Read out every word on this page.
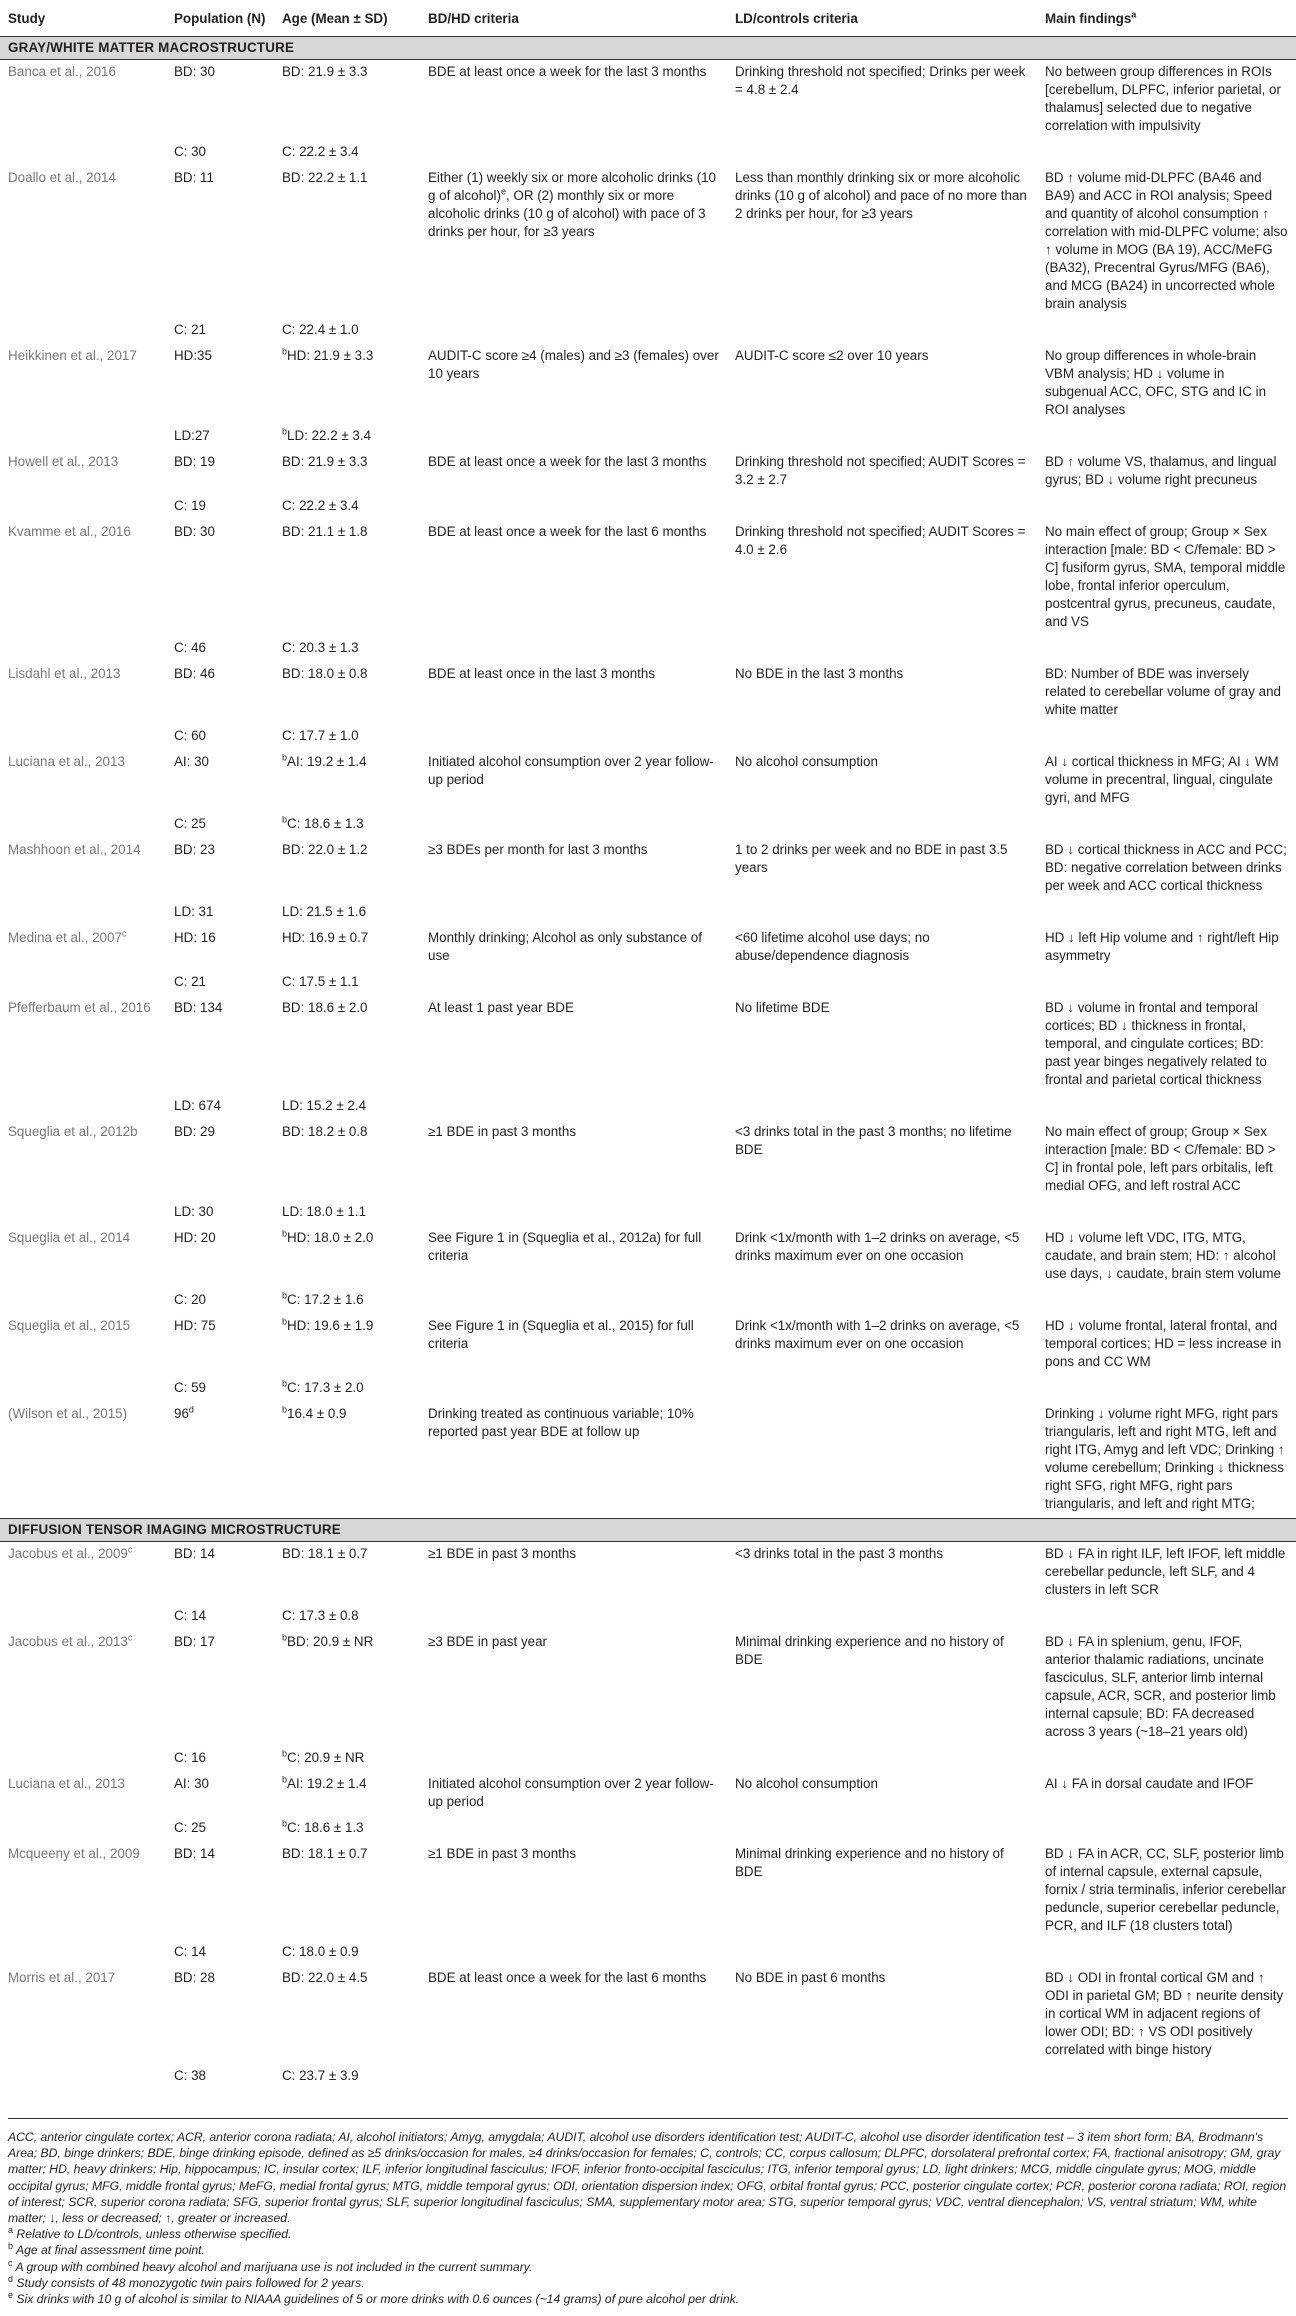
Study	Population (N)	Age (Mean ± SD)	BD/HD criteria	LD/controls criteria	Main findings$^a$
GRAY/WHITE MATTER MACROSTRUCTURE					
Banca et al., 2016	BD: 30	BD: 21.9 ± 3.3	BDE at least once a week for the last 3 months	Drinking threshold not specified; Drinks per week = 4.8 ± 2.4	No between group differences in ROIs [cerebellum, DLPFC, inferior parietal, or thalamus] selected due to negative correlation with impulsivity
	C: 30	C: 22.2 ± 3.4			
Doallo et al., 2014	BD: 11	BD: 22.2 ± 1.1	Either (1) weekly six or more alcoholic drinks (10 g of alcohol)$^e$, OR (2) monthly six or more alcoholic drinks (10 g of alcohol) with pace of 3 drinks per hour, for ≥3 years	Less than monthly drinking six or more alcoholic drinks (10 g of alcohol) and pace of no more than 2 drinks per hour, for ≥3 years	BD ↑ volume mid-DLPFC (BA46 and BA9) and ACC in ROI analysis; Speed and quantity of alcohol consumption ↑ correlation with mid-DLPFC volume; also ↑ volume in MOG (BA 19), ACC/MeFG (BA32), Precentral Gyrus/MFG (BA6), and MCG (BA24) in uncorrected whole brain analysis
	C: 21	C: 22.4 ± 1.0			
Heikkinen et al., 2017	HD:35	$^b$HD: 21.9 ± 3.3	AUDIT-C score ≥4 (males) and ≥3 (females) over 10 years	AUDIT-C score ≤2 over 10 years	No group differences in whole-brain VBM analysis; HD ↓ volume in subgenual ACC, OFC, STG and IC in ROI analyses
	LD:27	$^b$LD: 22.2 ± 3.4			
Howell et al., 2013	BD: 19	BD: 21.9 ± 3.3	BDE at least once a week for the last 3 months	Drinking threshold not specified; AUDIT Scores = 3.2 ± 2.7	BD ↑ volume VS, thalamus, and lingual gyrus; BD ↓ volume right precuneus
	C: 19	C: 22.2 ± 3.4			
Kvamme et al., 2016	BD: 30	BD: 21.1 ± 1.8	BDE at least once a week for the last 6 months	Drinking threshold not specified; AUDIT Scores = 4.0 ± 2.6	No main effect of group; Group × Sex interaction [male: BD < C/female: BD > C] fusiform gyrus, SMA, temporal middle lobe, frontal inferior operculum, postcentral gyrus, precuneus, caudate, and VS
	C: 46	C: 20.3 ± 1.3			
Lisdahl et al., 2013	BD: 46	BD: 18.0 ± 0.8	BDE at least once in the last 3 months	No BDE in the last 3 months	BD: Number of BDE was inversely related to cerebellar volume of gray and white matter
	C: 60	C: 17.7 ± 1.0			
Luciana et al., 2013	AI: 30	$^b$AI: 19.2 ± 1.4	Initiated alcohol consumption over 2 year follow-up period	No alcohol consumption	AI ↓ cortical thickness in MFG; AI ↓ WM volume in precentral, lingual, cingulate gyri, and MFG
	C: 25	$^b$C: 18.6 ± 1.3			
Mashhoon et al., 2014	BD: 23	BD: 22.0 ± 1.2	≥3 BDEs per month for last 3 months	1 to 2 drinks per week and no BDE in past 3.5 years	BD ↓ cortical thickness in ACC and PCC; BD: negative correlation between drinks per week and ACC cortical thickness
	LD: 31	LD: 21.5 ± 1.6			
Medina et al., 2007$^c$	HD: 16	HD: 16.9 ± 0.7	Monthly drinking; Alcohol as only substance of use	<60 lifetime alcohol use days; no abuse/dependence diagnosis	HD ↓ left Hip volume and ↑ right/left Hip asymmetry
	C: 21	C: 17.5 ± 1.1			
Pfefferbaum et al., 2016	BD: 134	BD: 18.6 ± 2.0	At least 1 past year BDE	No lifetime BDE	BD ↓ volume in frontal and temporal cortices; BD ↓ thickness in frontal, temporal, and cingulate cortices; BD: past year binges negatively related to frontal and parietal cortical thickness
	LD: 674	LD: 15.2 ± 2.4			
Squeglia et al., 2012b	BD: 29	BD: 18.2 ± 0.8	≥1 BDE in past 3 months	<3 drinks total in the past 3 months; no lifetime BDE	No main effect of group; Group × Sex interaction [male: BD < C/female: BD > C] in frontal pole, left pars orbitalis, left medial OFG, and left rostral ACC
	LD: 30	LD: 18.0 ± 1.1			
Squeglia et al., 2014	HD: 20	$^b$HD: 18.0 ± 2.0	See Figure 1 in (Squeglia et al., 2012a) for full criteria	Drink <1x/month with 1–2 drinks on average, <5 drinks maximum ever on one occasion	HD ↓ volume left VDC, ITG, MTG, caudate, and brain stem; HD: ↑ alcohol use days, ↓ caudate, brain stem volume
	C: 20	$^b$C: 17.2 ± 1.6			
Squeglia et al., 2015	HD: 75	$^b$HD: 19.6 ± 1.9	See Figure 1 in (Squeglia et al., 2015) for full criteria	Drink <1x/month with 1–2 drinks on average, <5 drinks maximum ever on one occasion	HD ↓ volume frontal, lateral frontal, and temporal cortices; HD = less increase in pons and CC WM
	C: 59	$^b$C: 17.3 ± 2.0			
(Wilson et al., 2015)	96$^d$	$^b$16.4 ± 0.9	Drinking treated as continuous variable; 10% reported past year BDE at follow up		Drinking ↓ volume right MFG, right pars triangularis, left and right MTG, left and right ITG, Amyg and left VDC; Drinking ↑ volume cerebellum; Drinking ↓ thickness right SFG, right MFG, right pars triangularis, and left and right MTG;
DIFFUSION TENSOR IMAGING MICROSTRUCTURE					
Jacobus et al., 2009$^c$	BD: 14	BD: 18.1 ± 0.7	≥1 BDE in past 3 months	<3 drinks total in the past 3 months	BD ↓ FA in right ILF, left IFOF, left middle cerebellar peduncle, left SLF, and 4 clusters in left SCR
	C: 14	C: 17.3 ± 0.8			
Jacobus et al., 2013$^c$	BD: 17	$^b$BD: 20.9 ± NR	≥3 BDE in past year	Minimal drinking experience and no history of BDE	BD ↓ FA in splenium, genu, IFOF, anterior thalamic radiations, uncinate fasciculus, SLF, anterior limb internal capsule, ACR, SCR, and posterior limb internal capsule; BD: FA decreased across 3 years (~18–21 years old)
	C: 16	$^b$C: 20.9 ± NR			
Luciana et al., 2013	AI: 30	$^b$AI: 19.2 ± 1.4	Initiated alcohol consumption over 2 year follow-up period	No alcohol consumption	AI ↓ FA in dorsal caudate and IFOF
	C: 25	$^b$C: 18.6 ± 1.3			
Mcqueeny et al., 2009	BD: 14	BD: 18.1 ± 0.7	≥1 BDE in past 3 months	Minimal drinking experience and no history of BDE	BD ↓ FA in ACR, CC, SLF, posterior limb of internal capsule, external capsule, fornix / stria terminalis, inferior cerebellar peduncle, superior cerebellar peduncle, PCR, and ILF (18 clusters total)
	C: 14	C: 18.0 ± 0.9			
Morris et al., 2017	BD: 28	BD: 22.0 ± 4.5	BDE at least once a week for the last 6 months	No BDE in past 6 months	BD ↓ ODI in frontal cortical GM and ↑ ODI in parietal GM; BD ↑ neurite density in cortical WM in adjacent regions of lower ODI; BD: ↑ VS ODI positively correlated with binge history
	C: 38	C: 23.7 ± 3.9			

ACC, anterior cingulate cortex; ACR, anterior corona radiata; AI, alcohol initiators; Amyg, amygdala; AUDIT, alcohol use disorders identification test; AUDIT-C, alcohol use disorder identification test – 3 item short form; BA, Brodmann's Area; BD, binge drinkers; BDE, binge drinking episode, defined as ≥5 drinks/occasion for males, ≥4 drinks/occasion for females; C, controls; CC, corpus callosum; DLPFC, dorsolateral prefrontal cortex; FA, fractional anisotropy; GM, gray matter; HD, heavy drinkers; Hip, hippocampus; IC, insular cortex; ILF, inferior longitudinal fasciculus; IFOF, inferior fronto-occipital fasciculus; ITG, inferior temporal gyrus; LD, light drinkers; MCG, middle cingulate gyrus; MOG, middle occipital gyrus; MFG, middle frontal gyrus; MeFG, medial frontal gyrus; MTG, middle temporal gyrus; ODI, orientation dispersion index; OFG, orbital frontal gyrus; PCC, posterior cingulate cortex; PCR, posterior corona radiata; ROI, region of interest; SCR, superior corona radiata; SFG, superior frontal gyrus; SLF, superior longitudinal fasciculus; SMA, supplementary motor area; STG, superior temporal gyrus; VDC, ventral diencephalon; VS, ventral striatum; WM, white matter; ↓, less or decreased; ↑, greater or increased.

$^a$ Relative to LD/controls, unless otherwise specified.

$^b$ Age at final assessment time point.

$^c$ A group with combined heavy alcohol and marijuana use is not included in the current summary.

$^d$ Study consists of 48 monozygotic twin pairs followed for 2 years.

$^e$ Six drinks with 10 g of alcohol is similar to NIAAA guidelines of 5 or more drinks with 0.6 ounces (~14 grams) of pure alcohol per drink.
